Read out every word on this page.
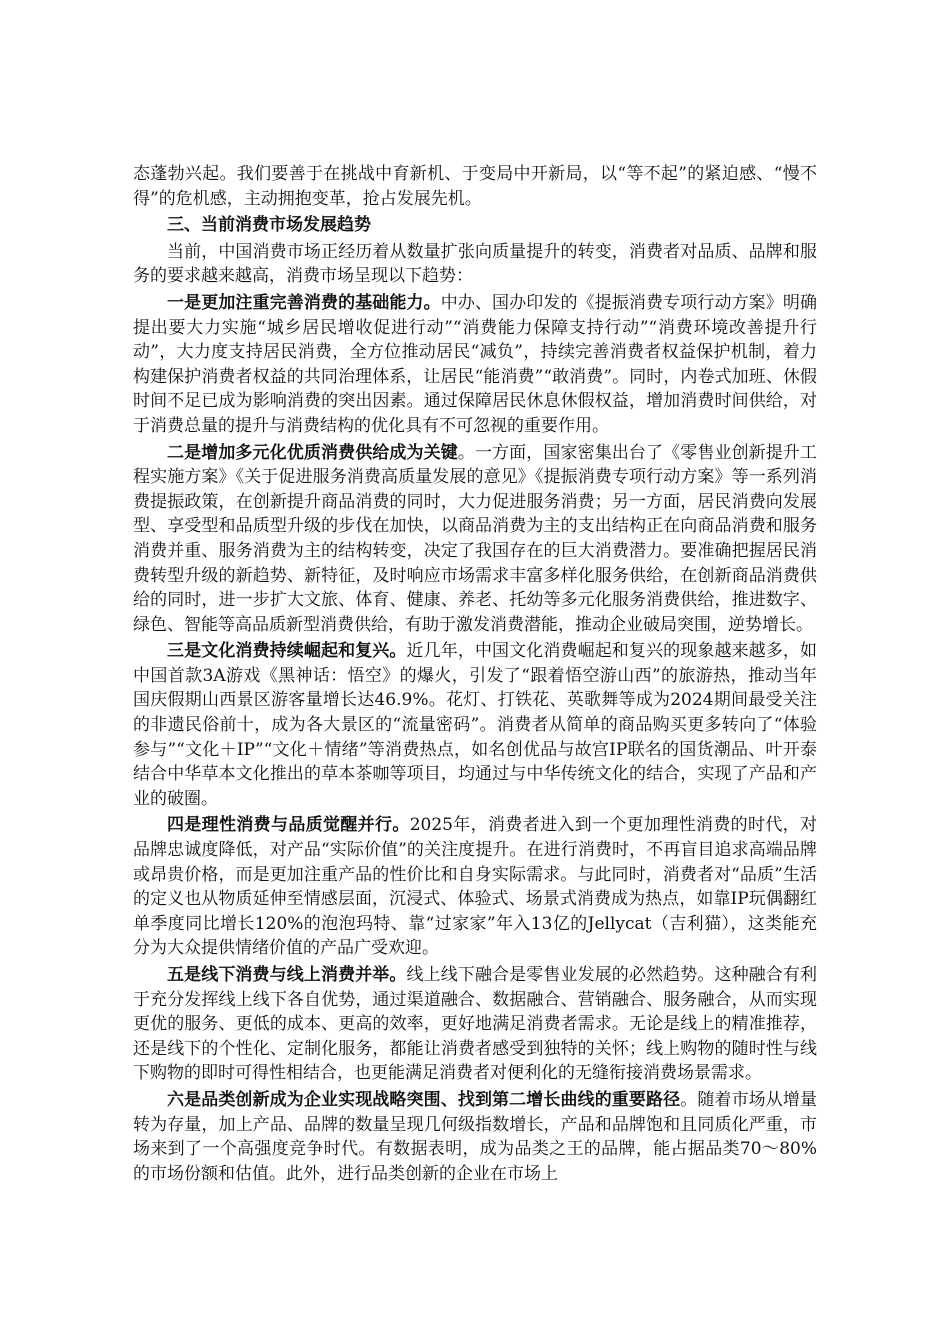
态蓬勃兴起。我们要善于在挑战中育新机、于变局中开新局，以“等不起”的紧迫感、“慢不得”的危机感，主动拥抱变革，抢占发展先机。

三、当前消费市场发展趋势

当前，中国消费市场正经历着从数量扩张向质量提升的转变，消费者对品质、品牌和服务的要求越来越高，消费市场呈现以下趋势：

一是更加注重完善消费的基础能力。中办、国办印发的《提振消费专项行动方案》明确提出要大力实施“城乡居民增收促进行动”“消费能力保障支持行动”“消费环境改善提升行动”，大力度支持居民消费，全方位推动居民“减负”，持续完善消费者权益保护机制，着力构建保护消费者权益的共同治理体系，让居民“能消费”“敢消费”。同时，内卷式加班、休假时间不足已成为影响消费的突出因素。通过保障居民休息休假权益，增加消费时间供给，对于消费总量的提升与消费结构的优化具有不可忽视的重要作用。

二是增加多元化优质消费供给成为关键。一方面，国家密集出台了《零售业创新提升工程实施方案》《关于促进服务消费高质量发展的意见》《提振消费专项行动方案》等一系列消费提振政策，在创新提升商品消费的同时，大力促进服务消费；另一方面，居民消费向发展型、享受型和品质型升级的步伐在加快，以商品消费为主的支出结构正在向商品消费和服务消费并重、服务消费为主的结构转变，决定了我国存在的巨大消费潜力。要准确把握居民消费转型升级的新趋势、新特征，及时响应市场需求丰富多样化服务供给，在创新商品消费供给的同时，进一步扩大文旅、体育、健康、养老、托幼等多元化服务消费供给，推进数字、绿色、智能等高品质新型消费供给，有助于激发消费潜能，推动企业破局突围，逆势增长。

三是文化消费持续崛起和复兴。近几年，中国文化消费崛起和复兴的现象越来越多，如中国首款3A游戏《黑神话：悟空》的爆火，引发了“跟着悟空游山西”的旅游热，推动当年国庆假期山西景区游客量增长达46.9%。花灯、打铁花、英歌舞等成为2024期间最受关注的非遗民俗前十，成为各大景区的“流量密码”。消费者从简单的商品购买更多转向了“体验参与”“文化＋IP”“文化＋情绪”等消费热点，如名创优品与故宫IP联名的国货潮品、叶开泰结合中华草本文化推出的草本茶咖等项目，均通过与中华传统文化的结合，实现了产品和产业的破圈。

四是理性消费与品质觉醒并行。2025年，消费者进入到一个更加理性消费的时代，对品牌忠诚度降低，对产品“实际价值”的关注度提升。在进行消费时，不再盲目追求高端品牌或昂贵价格，而是更加注重产品的性价比和自身实际需求。与此同时，消费者对“品质”生活的定义也从物质延伸至情感层面，沉浸式、体验式、场景式消费成为热点，如靠IP玩偶翻红单季度同比增长120%的泡泡玛特、靠“过家家”年入13亿的Jellycat（吉利猫），这类能充分为大众提供情绪价值的产品广受欢迎。

五是线下消费与线上消费并举。线上线下融合是零售业发展的必然趋势。这种融合有利于充分发挥线上线下各自优势，通过渠道融合、数据融合、营销融合、服务融合，从而实现更优的服务、更低的成本、更高的效率，更好地满足消费者需求。无论是线上的精准推荐，还是线下的个性化、定制化服务，都能让消费者感受到独特的关怀；线上购物的随时性与线下购物的即时可得性相结合，也更能满足消费者对便利化的无缝衔接消费场景需求。

六是品类创新成为企业实现战略突围、找到第二增长曲线的重要路径。随着市场从增量转为存量，加上产品、品牌的数量呈现几何级指数增长，产品和品牌饱和且同质化严重，市场来到了一个高强度竞争时代。有数据表明，成为品类之王的品牌，能占据品类70～80%的市场份额和估值。此外，进行品类创新的企业在市场上
